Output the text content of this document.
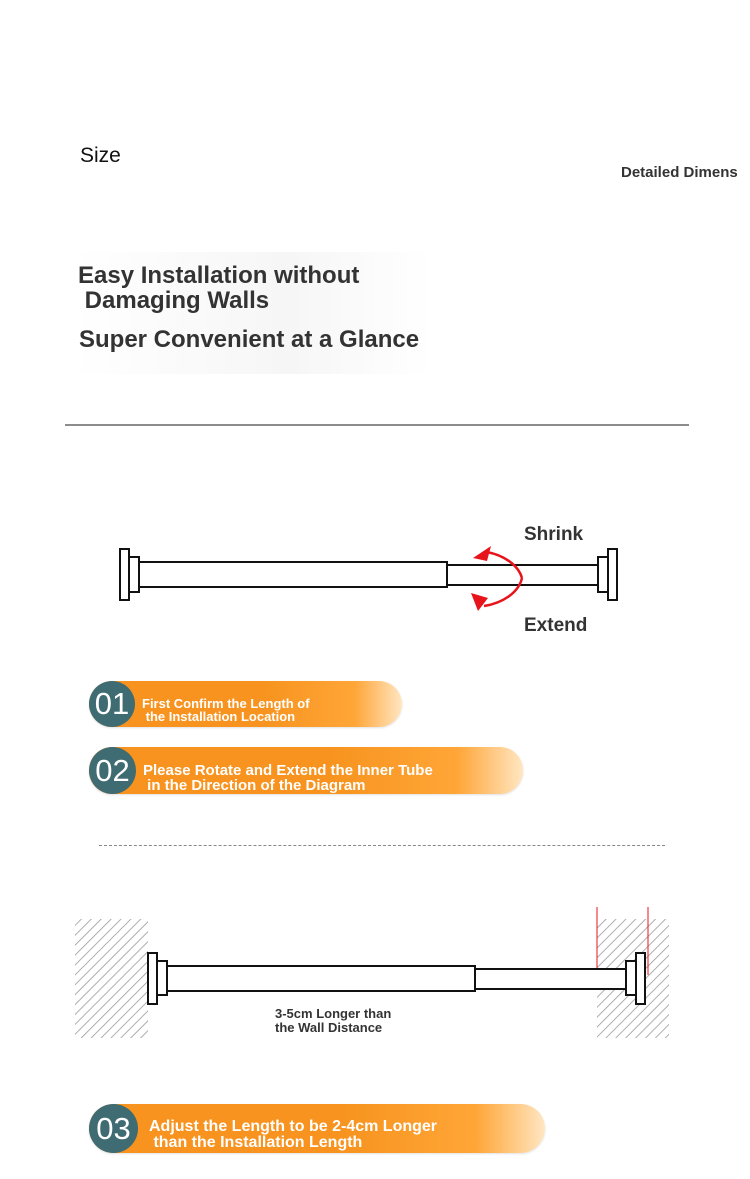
Size
Detailed Dimens
Easy Installation without
Damaging Walls
Super Convenient at a Glance
Shrink
Extend
01 First Confirm the Length of
the Installation Location
02 Please Rotate and Extend the Inner Tube
in the Direction of the Diagram
3-5cm Longer than the Wall Distance
03	Adjust the Length to be 2-4cm Longer
than the Installation Length
